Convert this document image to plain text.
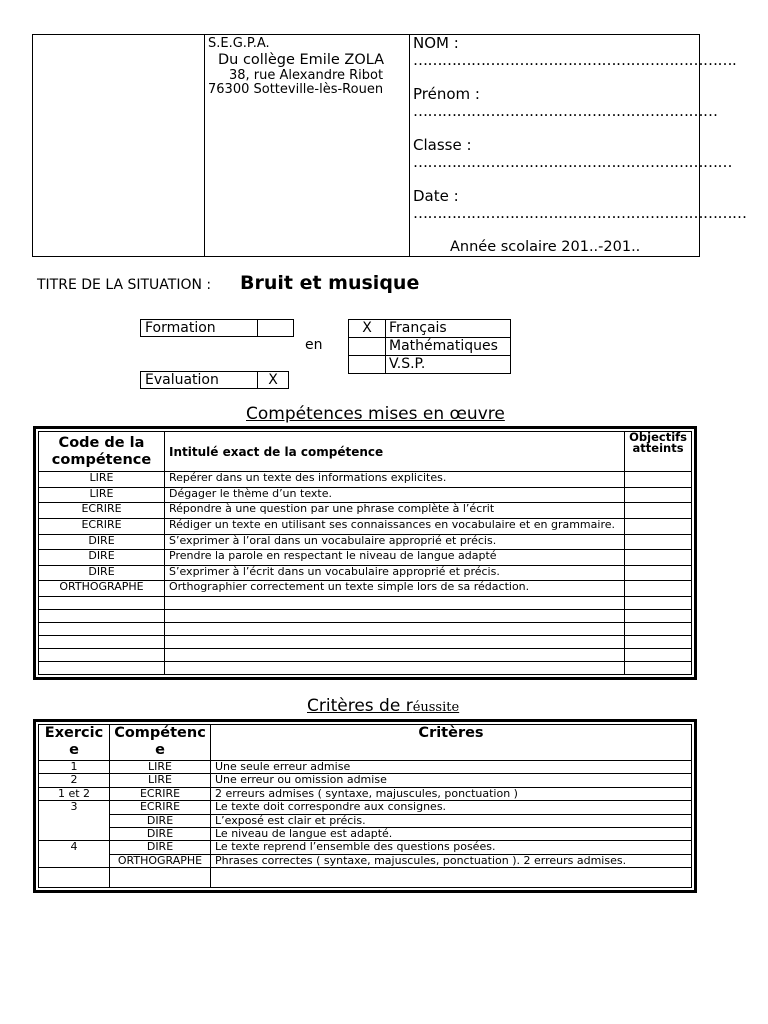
S.E.G.P.A.
Du collège Emile ZOLA
38, rue Alexandre Ribot
76300 Sotteville-lès-Rouen
NOM :
………………………………………………………….
Prénom :
………………………………………………………
Classe :
…………………………………………………………
Date :
……………………………………………………………
Année scolaire 201..-201..
TITRE DE LA SITUATION : Bruit et musique
Formation	
en
Evaluation	X
X	Français
	Mathématiques
	V.S.P.
Compétences mises en œuvre
Code de la compétence	Intitulé exact de la compétence	Objectifs atteints
LIRE	Repérer dans un texte des informations explicites.	
LIRE	Dégager le thème d’un texte.	
ECRIRE	Répondre à une question par une phrase complète à l’écrit	
ECRIRE	Rédiger un texte en utilisant ses connaissances en vocabulaire et en grammaire.	
DIRE	S’exprimer à l’oral dans un vocabulaire approprié et précis.	
DIRE	Prendre la parole en respectant le niveau de langue adapté	
DIRE	S’exprimer à l’écrit dans un vocabulaire approprié et précis.	
ORTHOGRAPHE	Orthographier correctement un texte simple lors de sa rédaction.	

Critères de réussite
Exercice	Compétence	Critères
1	LIRE	Une seule erreur admise
2	LIRE	Une erreur ou omission admise
1 et 2	ECRIRE	2 erreurs admises ( syntaxe, majuscules, ponctuation )
3	ECRIRE	Le texte doit correspondre aux consignes.
	DIRE	L’exposé est clair et précis.
	DIRE	Le niveau de langue est adapté.
4	DIRE	Le texte reprend l’ensemble des questions posées.
	ORTHOGRAPHE	Phrases correctes ( syntaxe, majuscules, ponctuation ). 2 erreurs admises.
